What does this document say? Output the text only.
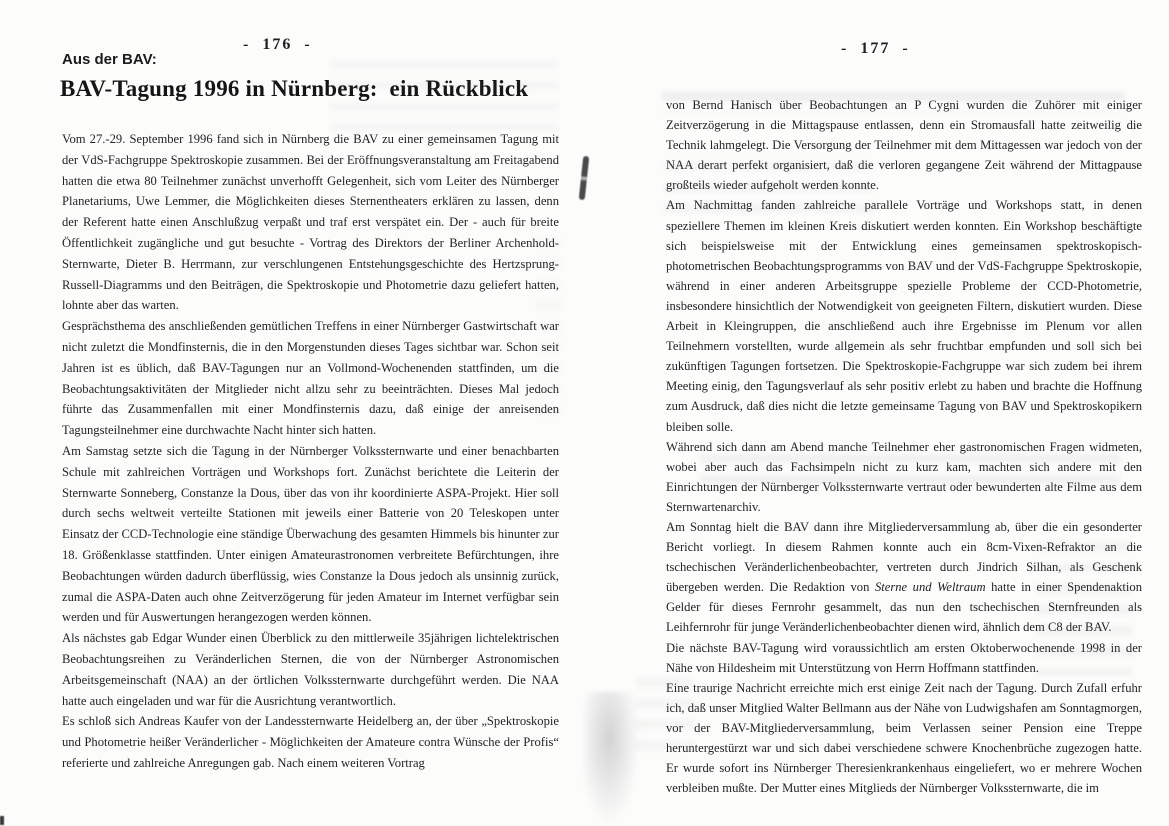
- 176 -
Aus der BAV:
BAV-Tagung 1996 in Nürnberg:  ein Rückblick

Vom 27.-29. September 1996 fand sich in Nürnberg die BAV zu einer gemeinsamen Tagung mit der VdS-Fachgruppe Spektroskopie zusammen. Bei der Eröffnungsveranstaltung am Freitagabend hatten die etwa 80 Teilnehmer zunächst unverhofft Gelegenheit, sich vom Leiter des Nürnberger Planetariums, Uwe Lemmer, die Möglichkeiten dieses Sternentheaters erklären zu lassen, denn der Referent hatte einen Anschlußzug verpaßt und traf erst verspätet ein. Der - auch für breite Öffentlichkeit zugängliche und gut besuchte - Vortrag des Direktors der Berliner Archenhold-Sternwarte, Dieter B. Herrmann, zur verschlungenen Entstehungsgeschichte des Hertzsprung-Russell-Diagramms und den Beiträgen, die Spektroskopie und Photometrie dazu geliefert hatten, lohnte aber das warten.

Gesprächsthema des anschließenden gemütlichen Treffens in einer Nürnberger Gastwirtschaft war nicht zuletzt die Mondfinsternis, die in den Morgenstunden dieses Tages sichtbar war. Schon seit Jahren ist es üblich, daß BAV-Tagungen nur an Vollmond-Wochenenden stattfinden, um die Beobachtungsaktivitäten der Mitglieder nicht allzu sehr zu beeinträchten. Dieses Mal jedoch führte das Zusammenfallen mit einer Mondfinsternis dazu, daß einige der anreisenden Tagungsteilnehmer eine durchwachte Nacht hinter sich hatten.

Am Samstag setzte sich die Tagung in der Nürnberger Volkssternwarte und einer benachbarten Schule mit zahlreichen Vorträgen und Workshops fort. Zunächst berichtete die Leiterin der Sternwarte Sonneberg, Constanze la Dous, über das von ihr koordinierte ASPA-Projekt. Hier soll durch sechs weltweit verteilte Stationen mit jeweils einer Batterie von 20 Teleskopen unter Einsatz der CCD-Technologie eine ständige Überwachung des gesamten Himmels bis hinunter zur 18. Größenklasse stattfinden. Unter einigen Amateurastronomen verbreitete Befürchtungen, ihre Beobachtungen würden dadurch überflüssig, wies Constanze la Dous jedoch als unsinnig zurück, zumal die ASPA-Daten auch ohne Zeitverzögerung für jeden Amateur im Internet verfügbar sein werden und für Auswertungen herangezogen werden können.

Als nächstes gab Edgar Wunder einen Überblick zu den mittlerweile 35jährigen lichtelektrischen Beobachtungsreihen zu Veränderlichen Sternen, die von der Nürnberger Astronomischen Arbeitsgemeinschaft (NAA) an der örtlichen Volkssternwarte durchgeführt werden. Die NAA hatte auch eingeladen und war für die Ausrichtung verantwortlich.

Es schloß sich Andreas Kaufer von der Landessternwarte Heidelberg an, der über „Spektroskopie und Photometrie heißer Veränderlicher - Möglichkeiten der Amateure contra Wünsche der Profis“ referierte und zahlreiche Anregungen gab. Nach einem weiteren Vortrag

- 177 -

von Bernd Hanisch über Beobachtungen an P Cygni wurden die Zuhörer mit einiger Zeitverzögerung in die Mittagspause entlassen, denn ein Stromausfall hatte zeitweilig die Technik lahmgelegt. Die Versorgung der Teilnehmer mit dem Mittagessen war jedoch von der NAA derart perfekt organisiert, daß die verloren gegangene Zeit während der Mittagpause großteils wieder aufgeholt werden konnte.

Am Nachmittag fanden zahlreiche parallele Vorträge und Workshops statt, in denen speziellere Themen im kleinen Kreis diskutiert werden konnten. Ein Workshop beschäftigte sich beispielsweise mit der Entwicklung eines gemeinsamen spektroskopisch-photometrischen Beobachtungsprogramms von BAV und der VdS-Fachgruppe Spektroskopie, während in einer anderen Arbeitsgruppe spezielle Probleme der CCD-Photometrie, insbesondere hinsichtlich der Notwendigkeit von geeigneten Filtern, diskutiert wurden. Diese Arbeit in Kleingruppen, die anschließend auch ihre Ergebnisse im Plenum vor allen Teilnehmern vorstellten, wurde allgemein als sehr fruchtbar empfunden und soll sich bei zukünftigen Tagungen fortsetzen. Die Spektroskopie-Fachgruppe war sich zudem bei ihrem Meeting einig, den Tagungsverlauf als sehr positiv erlebt zu haben und brachte die Hoffnung zum Ausdruck, daß dies nicht die letzte gemeinsame Tagung von BAV und Spektroskopikern bleiben solle.

Während sich dann am Abend manche Teilnehmer eher gastronomischen Fragen widmeten, wobei aber auch das Fachsimpeln nicht zu kurz kam, machten sich andere mit den Einrichtungen der Nürnberger Volkssternwarte vertraut oder bewunderten alte Filme aus dem Sternwartenarchiv.

Am Sonntag hielt die BAV dann ihre Mitgliederversammlung ab, über die ein gesonderter Bericht vorliegt. In diesem Rahmen konnte auch ein 8cm-Vixen-Refraktor an die tschechischen Veränderlichenbeobachter, vertreten durch Jindrich Silhan, als Geschenk übergeben werden. Die Redaktion von Sterne und Weltraum hatte in einer Spendenaktion Gelder für dieses Fernrohr gesammelt, das nun den tschechischen Sternfreunden als Leihfernrohr für junge Veränderlichenbeobachter dienen wird, ähnlich dem C8 der BAV.

Die nächste BAV-Tagung wird voraussichtlich am ersten Oktoberwochenende 1998 in der Nähe von Hildesheim mit Unterstützung von Herrn Hoffmann stattfinden.

Eine traurige Nachricht erreichte mich erst einige Zeit nach der Tagung. Durch Zufall erfuhr ich, daß unser Mitglied Walter Bellmann aus der Nähe von Ludwigshafen am Sonntagmorgen, vor der BAV-Mitgliederversammlung, beim Verlassen seiner Pension eine Treppe heruntergestürzt war und sich dabei verschiedene schwere Knochenbrüche zugezogen hatte. Er wurde sofort ins Nürnberger Theresienkrankenhaus eingeliefert, wo er mehrere Wochen verbleiben mußte. Der Mutter eines Mitglieds der Nürnberger Volkssternwarte, die im
